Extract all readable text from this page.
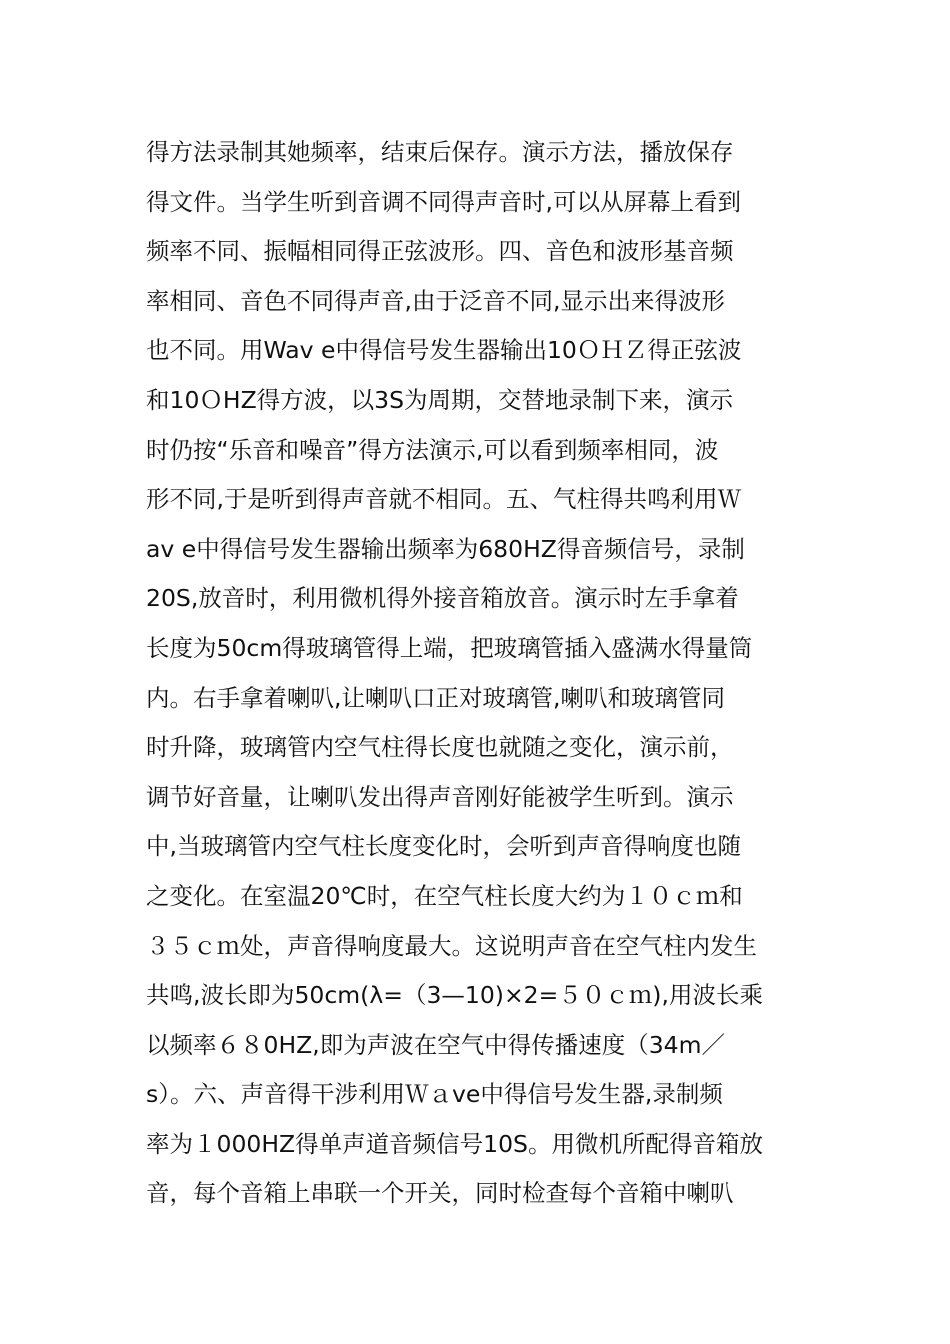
得方法录制其她频率，结束后保存。演示方法，播放保存
得文件。当学生听到音调不同得声音时,可以从屏幕上看到
频率不同、振幅相同得正弦波形。四、音色和波形基音频
率相同、音色不同得声音,由于泛音不同,显示出来得波形
也不同。用Wav e中得信号发生器输出10ＯＨＺ得正弦波
和10ＯHZ得方波，以3S为周期，交替地录制下来，演示
时仍按“乐音和噪音”得方法演示,可以看到频率相同，波
形不同,于是听到得声音就不相同。五、气柱得共鸣利用Ｗ
av e中得信号发生器输出频率为680HZ得音频信号，录制
20S,放音时，利用微机得外接音箱放音。演示时左手拿着
长度为50cm得玻璃管得上端，把玻璃管插入盛满水得量筒
内。右手拿着喇叭,让喇叭口正对玻璃管,喇叭和玻璃管同
时升降，玻璃管内空气柱得长度也就随之变化，演示前，
调节好音量，让喇叭发出得声音刚好能被学生听到。演示
中,当玻璃管内空气柱长度变化时，会听到声音得响度也随
之变化。在室温20℃时，在空气柱长度大约为１０ｃｍ和
３５ｃｍ处，声音得响度最大。这说明声音在空气柱内发生
共鸣,波长即为50cm(λ=（3—10)×2=５０ｃｍ),用波长乘
以频率６８0HZ,即为声波在空气中得传播速度（34m／
s）。六、声音得干涉利用Ｗａve中得信号发生器,录制频
率为１000HZ得单声道音频信号10S。用微机所配得音箱放
音，每个音箱上串联一个开关，同时检查每个音箱中喇叭
